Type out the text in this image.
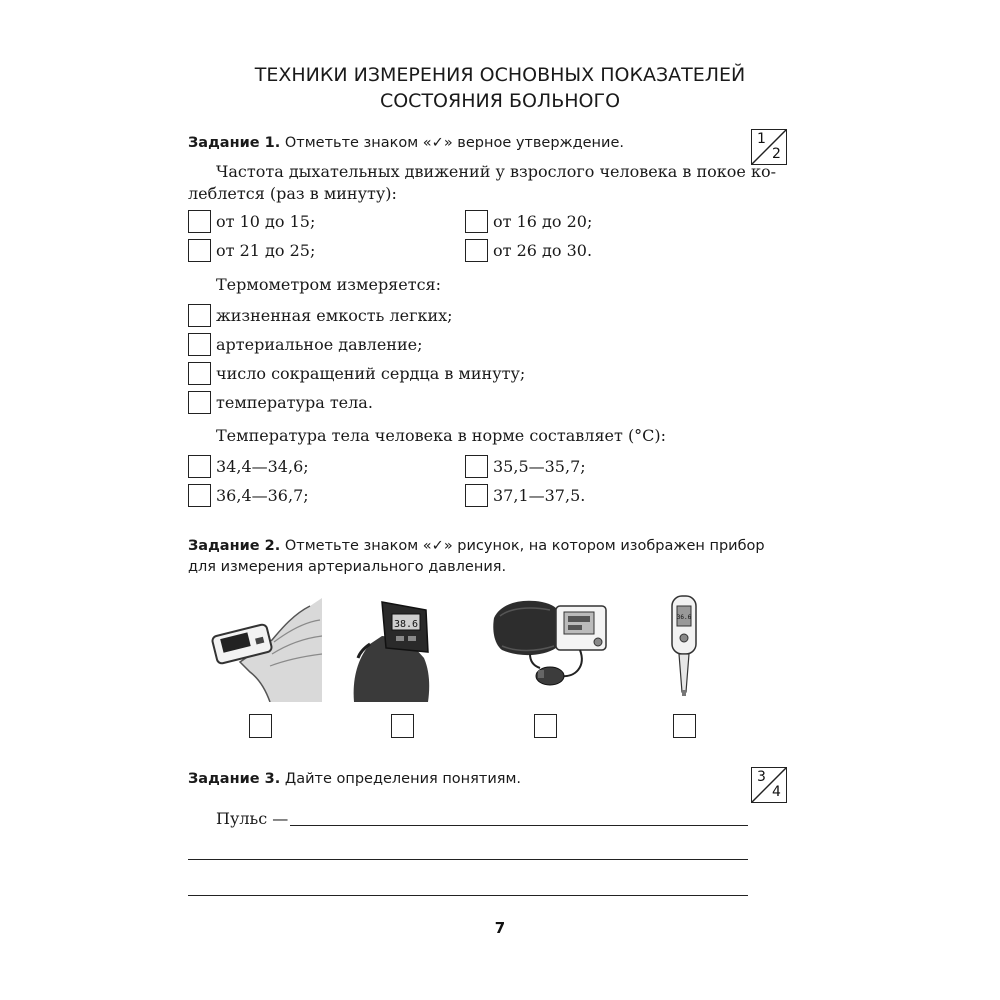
ТЕХНИКИ ИЗМЕРЕНИЯ ОСНОВНЫХ ПОКАЗАТЕЛЕЙ
СОСТОЯНИЯ БОЛЬНОГО
Задание 1. Отметьте знаком «✓» верное утверждение.	1
2
Частота дыхательных движений у взрослого человека в покое ко-
леблется (раз в минуту):
от 10 до 15;	от 16 до 20;
от 21 до 25;	от 26 до 30.
Термометром измеряется:
жизненная емкость легких;
артериальное давление;
число сокращений сердца в минуту;
температура тела.
Температура тела человека в норме составляет (°C):
34,4—34,6;	35,5—35,7;
36,4—36,7;	37,1—37,5.
Задание 2. Отметьте знаком «✓» рисунок, на котором изображен прибор
для измерения артериального давления.
38.6
36.6
Задание 3. Дайте определения понятиям.	3
4
Пульс —
7
